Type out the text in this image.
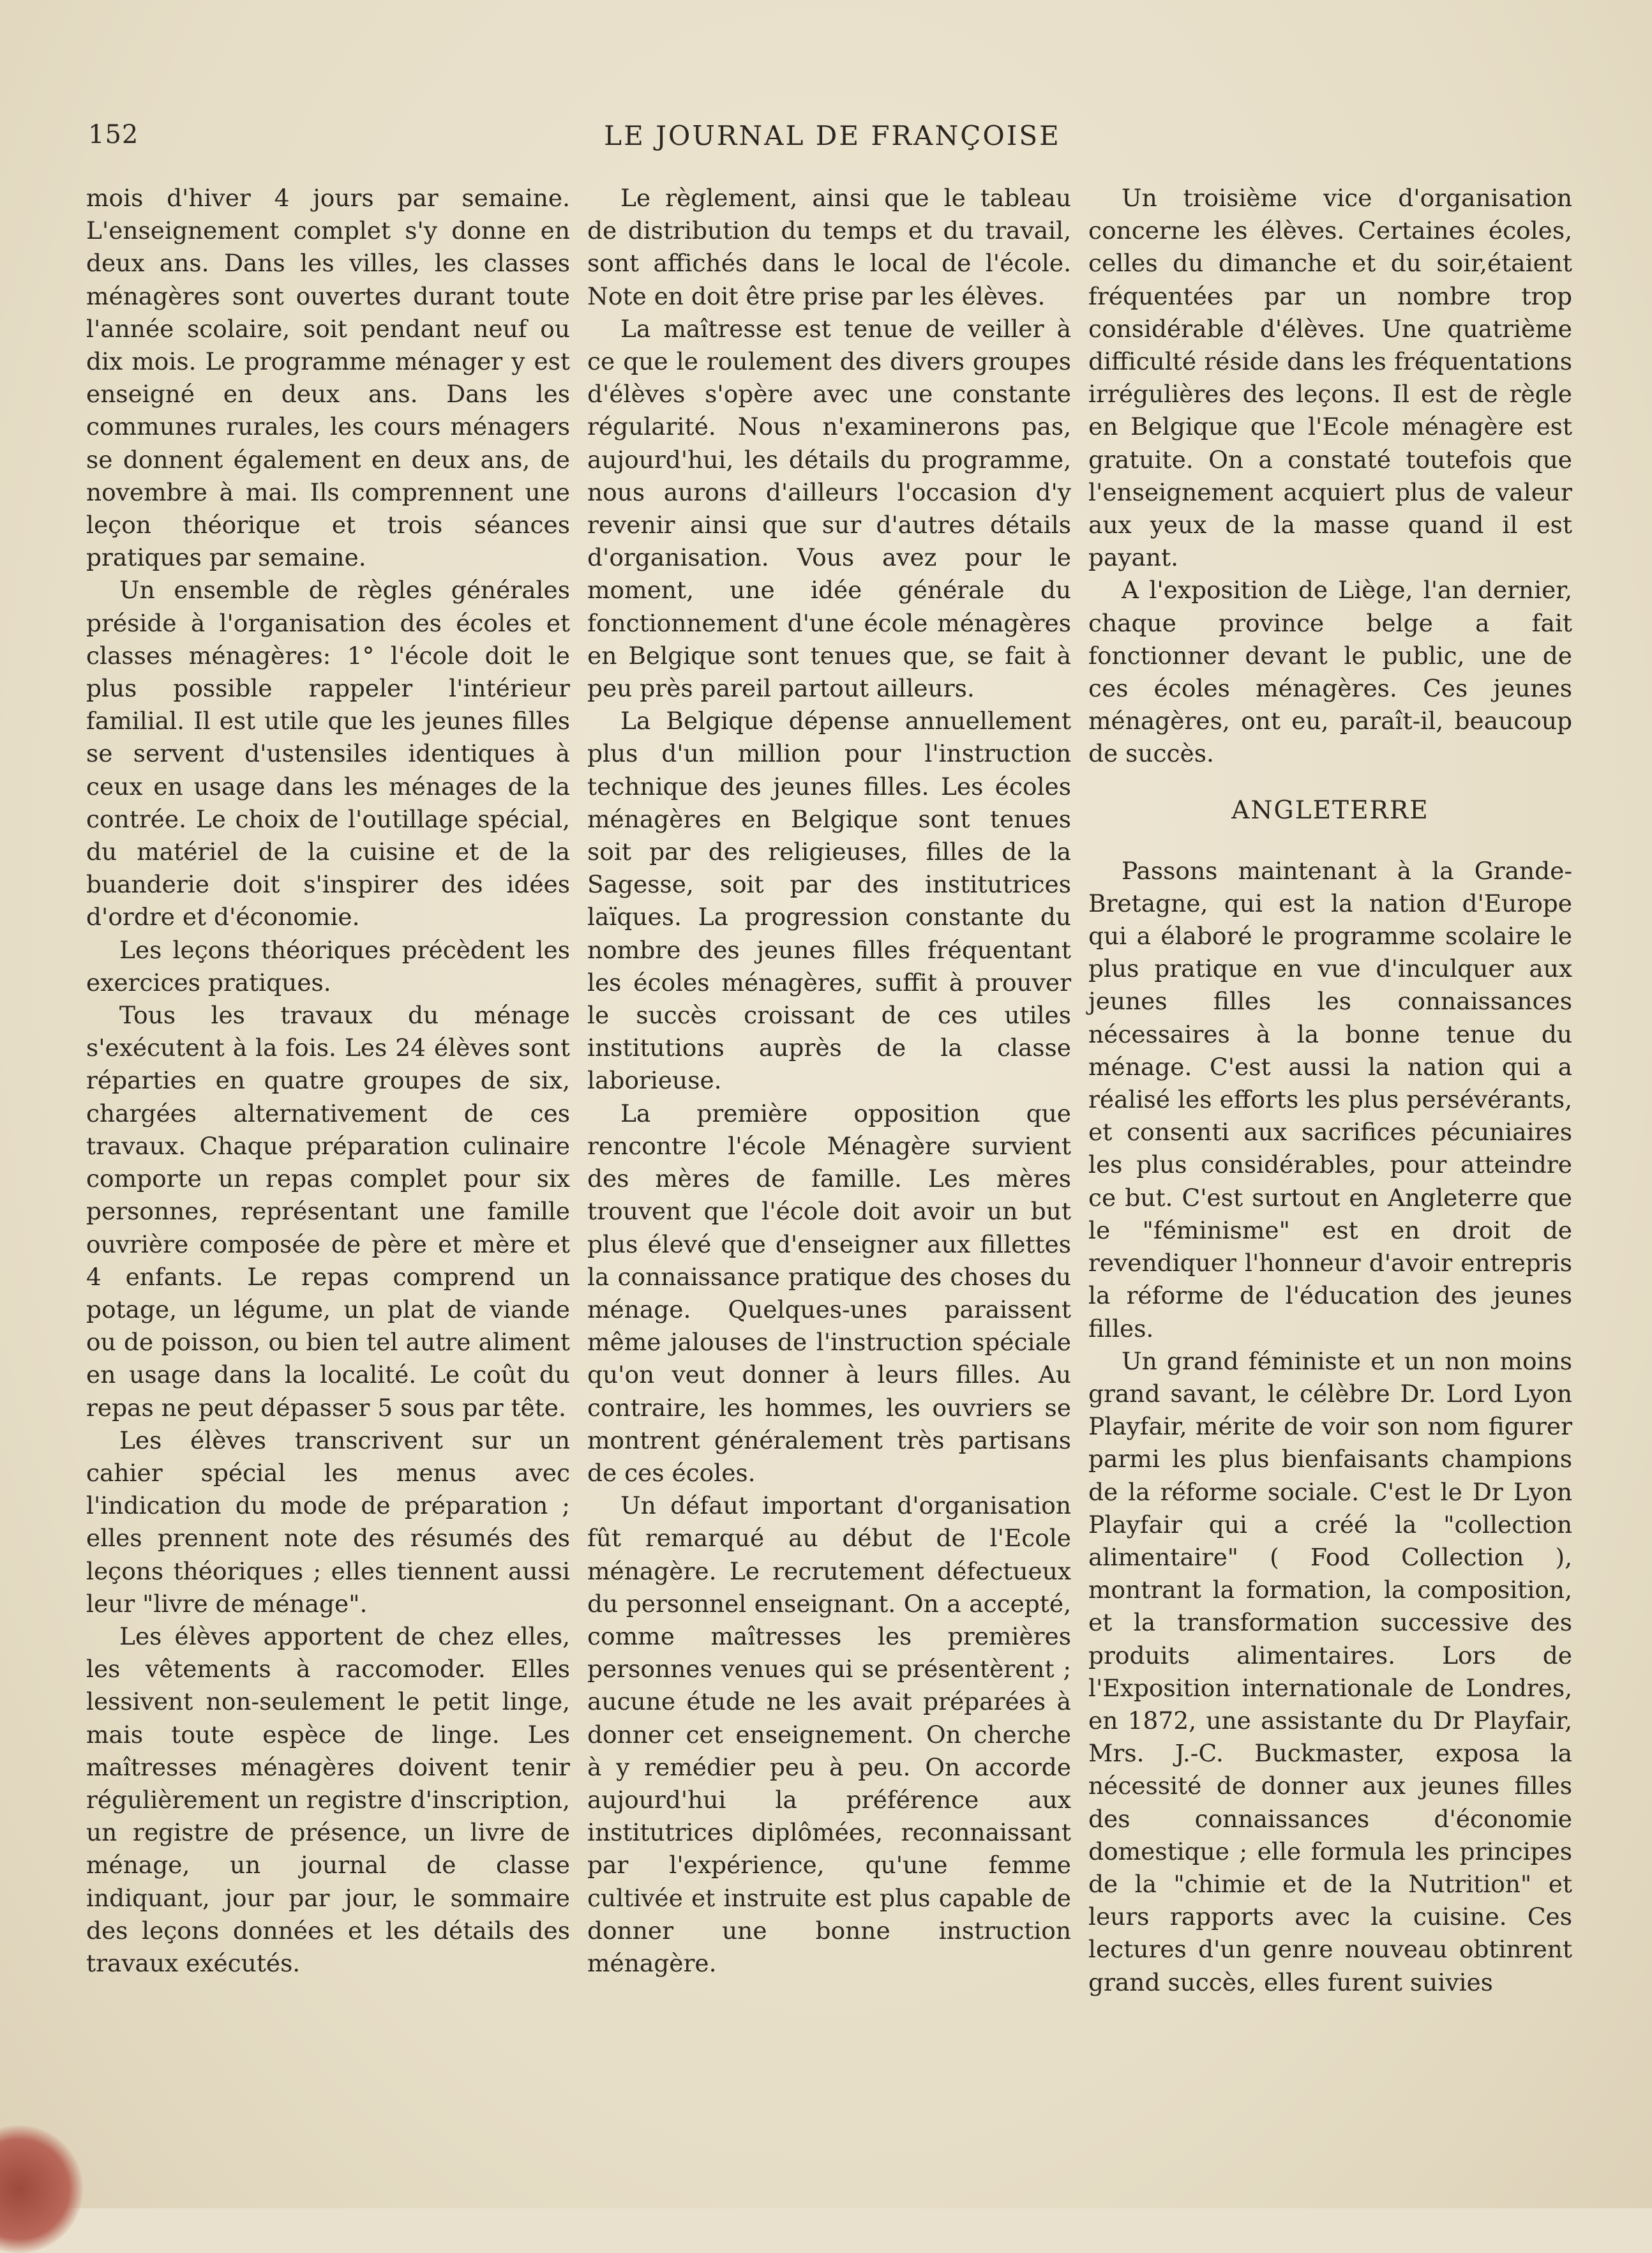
152	LE JOURNAL DE FRANÇOISE

mois d'hiver 4 jours par semaine. L'enseignement complet s'y donne en deux ans. Dans les villes, les classes ménagères sont ouvertes durant toute l'année scolaire, soit pendant neuf ou dix mois. Le programme ménager y est enseigné en deux ans. Dans les communes rurales, les cours ménagers se donnent également en deux ans, de novembre à mai. Ils comprennent une leçon théorique et trois séances pratiques par semaine.

Un ensemble de règles générales préside à l'organisation des écoles et classes ménagères: 1° l'école doit le plus possible rappeler l'intérieur familial. Il est utile que les jeunes filles se servent d'ustensiles identiques à ceux en usage dans les ménages de la contrée. Le choix de l'outillage spécial, du matériel de la cuisine et de la buanderie doit s'inspirer des idées d'ordre et d'économie.

Les leçons théoriques précèdent les exercices pratiques.

Tous les travaux du ménage s'exécutent à la fois. Les 24 élèves sont réparties en quatre groupes de six, chargées alternativement de ces travaux. Chaque préparation culinaire comporte un repas complet pour six personnes, représentant une famille ouvrière composée de père et mère et 4 enfants. Le repas comprend un potage, un légume, un plat de viande ou de poisson, ou bien tel autre aliment en usage dans la localité. Le coût du repas ne peut dépasser 5 sous par tête.

Les élèves transcrivent sur un cahier spécial les menus avec l'indication du mode de préparation ; elles prennent note des résumés des leçons théoriques ; elles tiennent aussi leur "livre de ménage".

Les élèves apportent de chez elles, les vêtements à raccomoder. Elles lessivent non-seulement le petit linge, mais toute espèce de linge. Les maîtresses ménagères doivent tenir régulièrement un registre d'inscription, un registre de présence, un livre de ménage, un journal de classe indiquant, jour par jour, le sommaire des leçons données et les détails des travaux exécutés.

Le règlement, ainsi que le tableau de distribution du temps et du travail, sont affichés dans le local de l'école. Note en doit être prise par les élèves.

La maîtresse est tenue de veiller à ce que le roulement des divers groupes d'élèves s'opère avec une constante régularité. Nous n'examinerons pas, aujourd'hui, les détails du programme, nous aurons d'ailleurs l'occasion d'y revenir ainsi que sur d'autres détails d'organisation. Vous avez pour le moment, une idée générale du fonctionnement d'une école ménagères en Belgique sont tenues que, se fait à peu près pareil partout ailleurs.

La Belgique dépense annuellement plus d'un million pour l'instruction technique des jeunes filles. Les écoles ménagères en Belgique sont tenues soit par des religieuses, filles de la Sagesse, soit par des institutrices laïques. La progression constante du nombre des jeunes filles fréquentant les écoles ménagères, suffit à prouver le succès croissant de ces utiles institutions auprès de la classe laborieuse.

La première opposition que rencontre l'école Ménagère survient des mères de famille. Les mères trouvent que l'école doit avoir un but plus élevé que d'enseigner aux fillettes la connaissance pratique des choses du ménage. Quelques-unes paraissent même jalouses de l'instruction spéciale qu'on veut donner à leurs filles. Au contraire, les hommes, les ouvriers se montrent généralement très partisans de ces écoles.

Un défaut important d'organisation fût remarqué au début de l'Ecole ménagère. Le recrutement défectueux du personnel enseignant. On a accepté, comme maîtresses les premières personnes venues qui se présentèrent ; aucune étude ne les avait préparées à donner cet enseignement. On cherche à y remédier peu à peu. On accorde aujourd'hui la préférence aux institutrices diplômées, reconnaissant par l'expérience, qu'une femme cultivée et instruite est plus capable de donner une bonne instruction ménagère.

Un troisième vice d'organisation concerne les élèves. Certaines écoles, celles du dimanche et du soir,étaient fréquentées par un nombre trop considérable d'élèves. Une quatrième difficulté réside dans les fréquentations irrégulières des leçons. Il est de règle en Belgique que l'Ecole ménagère est gratuite. On a constaté toutefois que l'enseignement acquiert plus de valeur aux yeux de la masse quand il est payant.

A l'exposition de Liège, l'an dernier, chaque province belge a fait fonctionner devant le public, une de ces écoles ménagères. Ces jeunes ménagères, ont eu, paraît-il, beaucoup de succès.

ANGLETERRE

Passons maintenant à la Grande-Bretagne, qui est la nation d'Europe qui a élaboré le programme scolaire le plus pratique en vue d'inculquer aux jeunes filles les connaissances nécessaires à la bonne tenue du ménage. C'est aussi la nation qui a réalisé les efforts les plus persévérants, et consenti aux sacrifices pécuniaires les plus considérables, pour atteindre ce but. C'est surtout en Angleterre que le "féminisme" est en droit de revendiquer l'honneur d'avoir entrepris la réforme de l'éducation des jeunes filles.

Un grand féministe et un non moins grand savant, le célèbre Dr. Lord Lyon Playfair, mérite de voir son nom figurer parmi les plus bienfaisants champions de la réforme sociale. C'est le Dr Lyon Playfair qui a créé la "collection alimentaire" ( Food Collection ), montrant la formation, la composition, et la transformation successive des produits alimentaires. Lors de l'Exposition internationale de Londres, en 1872, une assistante du Dr Playfair, Mrs. J.-C. Buckmaster, exposa la nécessité de donner aux jeunes filles des connaissances d'économie domestique ; elle formula les principes de la "chimie et de la Nutrition" et leurs rapports avec la cuisine. Ces lectures d'un genre nouveau obtinrent grand succès, elles furent suivies
